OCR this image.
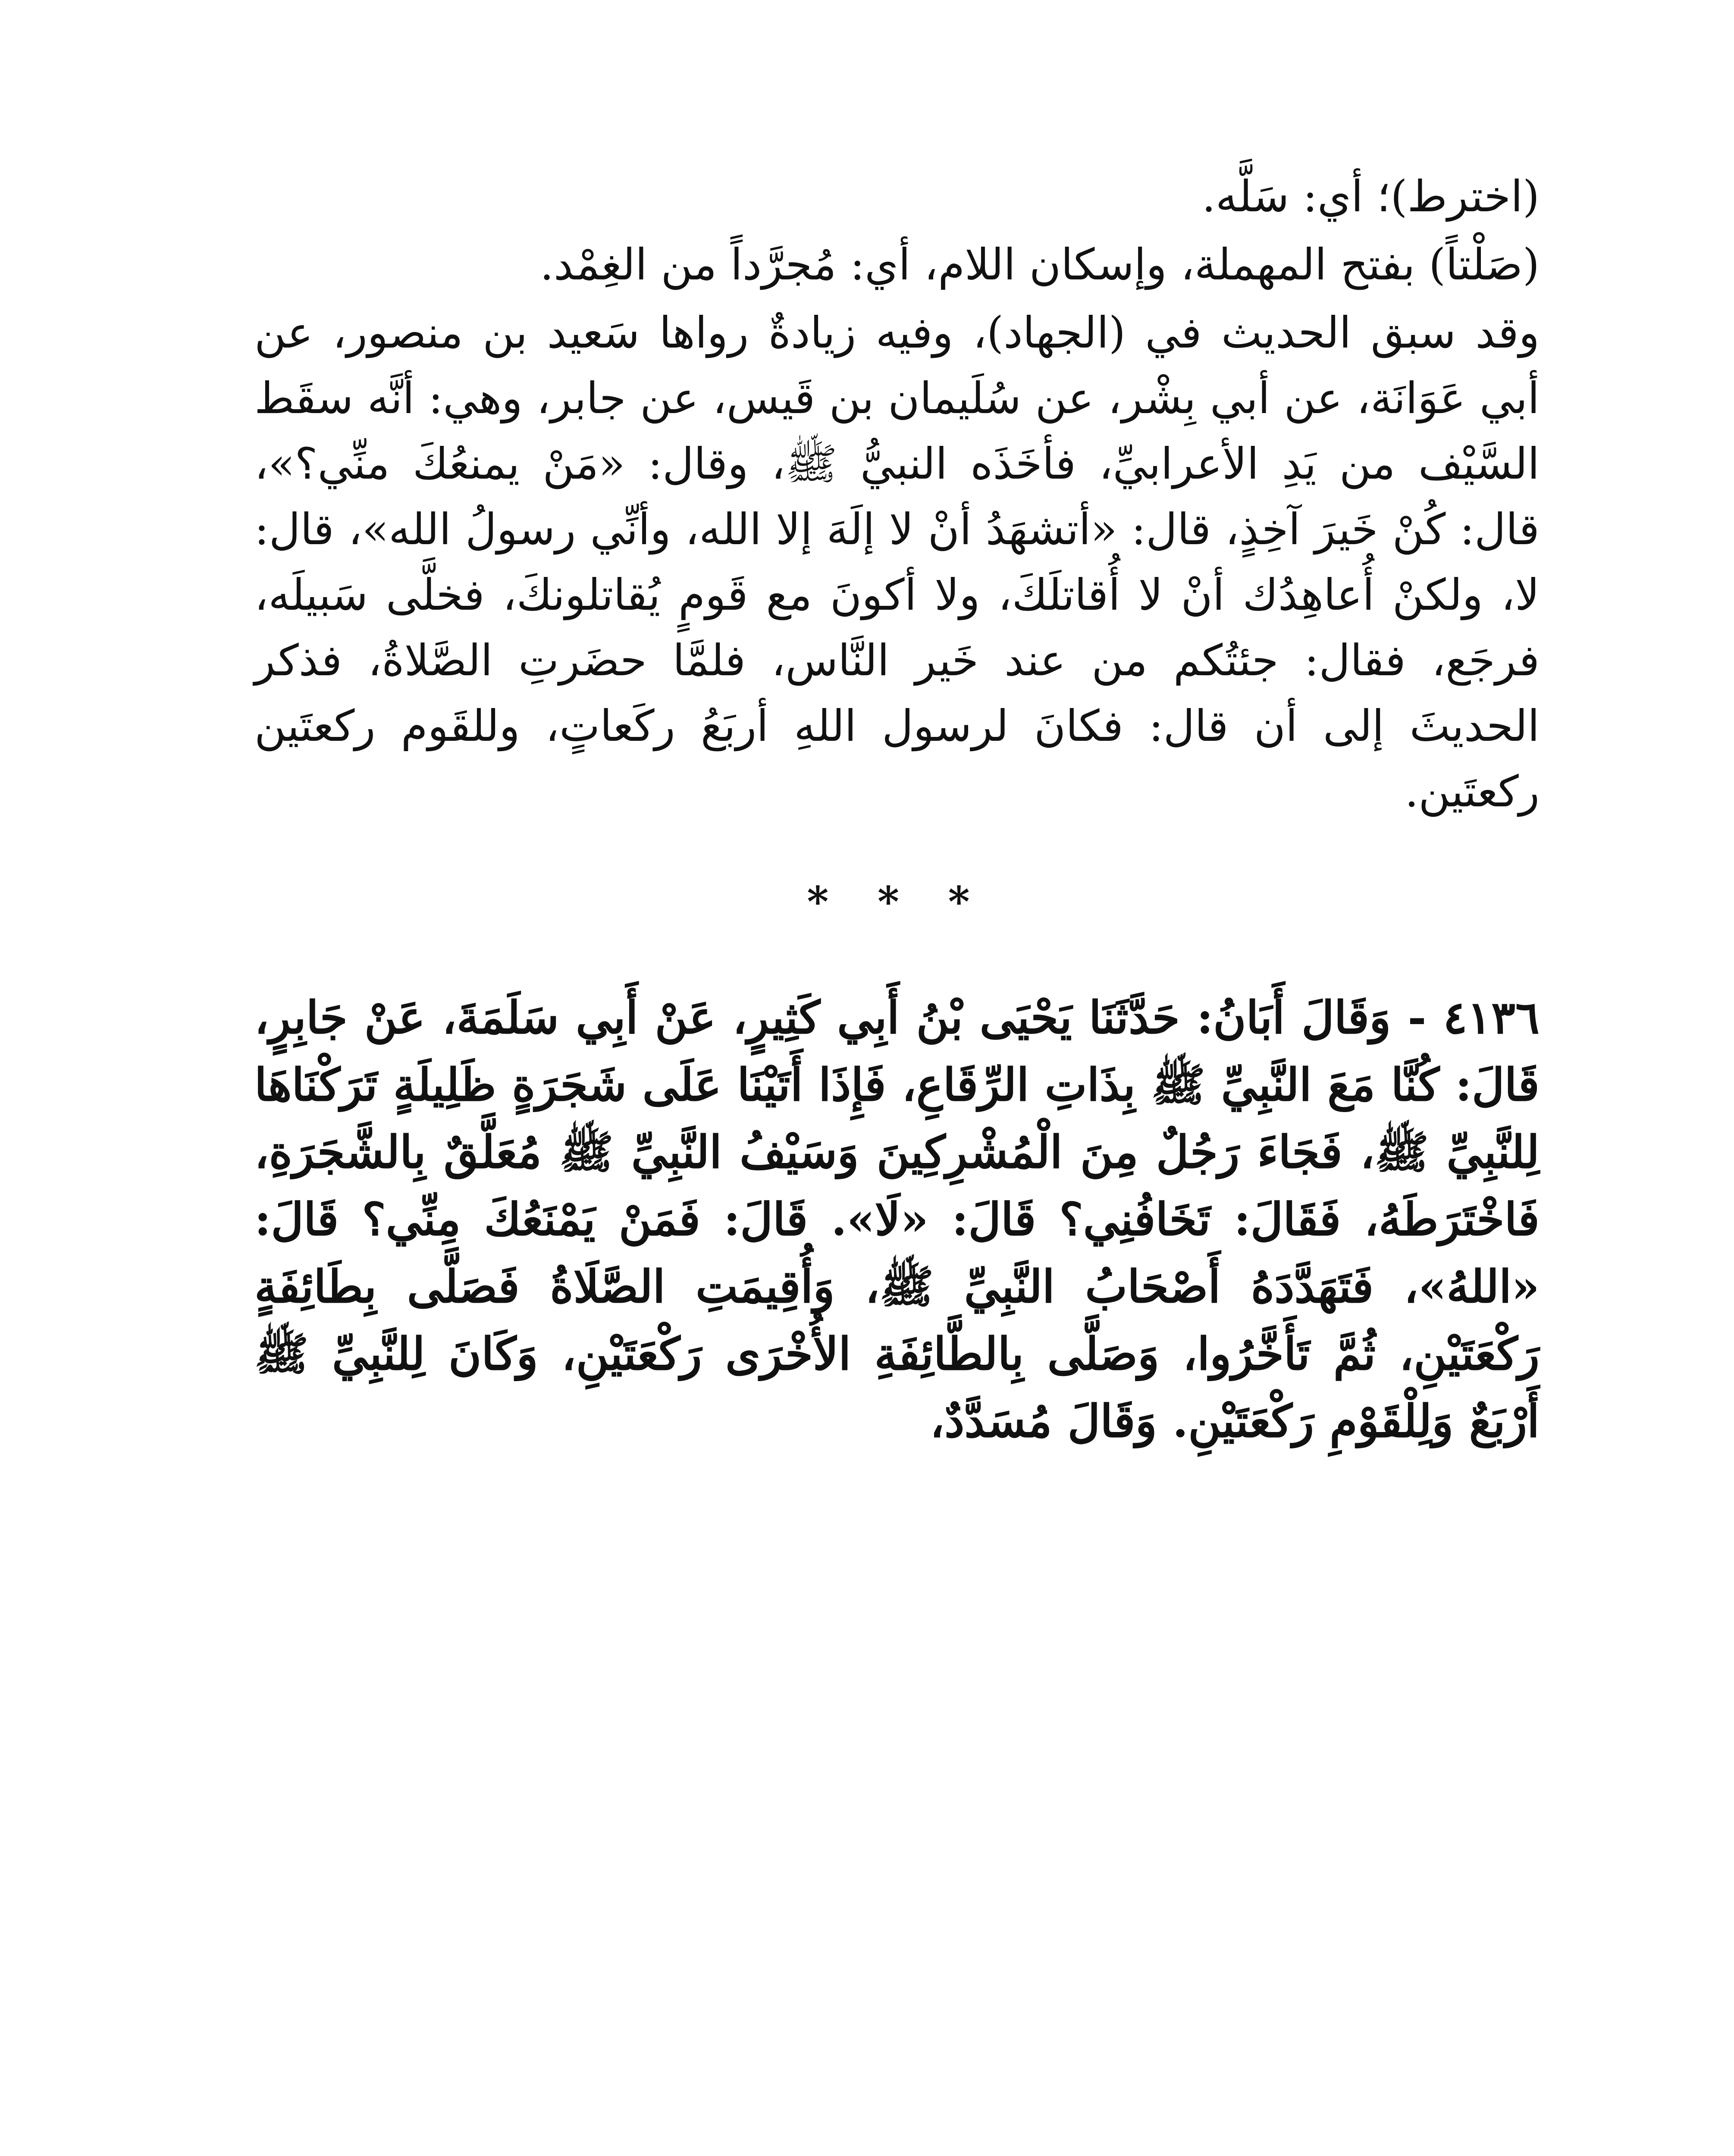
(اخترط)؛ أي: سَلَّه.

(صَلْتاً) بفتح المهملة، وإسكان اللام، أي: مُجرَّداً من الغِمْد.

وقد سبق الحديث في (الجهاد)، وفيه زيادةٌ رواها سَعيد بن منصور، عن أبي عَوَانَة، عن أبي بِشْر، عن سُلَيمان بن قَيس، عن جابر، وهي: أنَّه سقَط السَّيْف من يَدِ الأعرابيِّ، فأخَذَه النبيُّ ﷺ، وقال: «مَنْ يمنعُكَ منِّي؟»، قال: كُنْ خَيرَ آخِذٍ، قال: «أتشهَدُ أنْ لا إلَهَ إلا الله، وأنِّي رسولُ الله»، قال: لا، ولكنْ أُعاهِدُك أنْ لا أُقاتلَكَ، ولا أكونَ مع قَومٍ يُقاتلونكَ، فخلَّى سَبيلَه، فرجَع، فقال: جئتُكم من عند خَير النَّاس، فلمَّا حضَرتِ الصَّلاةُ، فذكر الحديثَ إلى أن قال: فكانَ لرسول اللهِ أربَعُ ركَعاتٍ، وللقَوم ركعتَين ركعتَين.

* * *

٤١٣٦ - وَقَالَ أَبَانُ: حَدَّثَنَا يَحْيَى بْنُ أَبِي كَثِيرٍ، عَنْ أَبِي سَلَمَةَ، عَنْ جَابِرٍ، قَالَ: كُنَّا مَعَ النَّبِيِّ ﷺ بِذَاتِ الرِّقَاعِ، فَإِذَا أَتَيْنَا عَلَى شَجَرَةٍ ظَلِيلَةٍ تَرَكْنَاهَا لِلنَّبِيِّ ﷺ، فَجَاءَ رَجُلٌ مِنَ الْمُشْرِكِينَ وَسَيْفُ النَّبِيِّ ﷺ مُعَلَّقٌ بِالشَّجَرَةِ، فَاخْتَرَطَهُ، فَقَالَ: تَخَافُنِي؟ قَالَ: «لَا». قَالَ: فَمَنْ يَمْنَعُكَ مِنِّي؟ قَالَ: «اللهُ»، فَتَهَدَّدَهُ أَصْحَابُ النَّبِيِّ ﷺ، وَأُقِيمَتِ الصَّلَاةُ فَصَلَّى بِطَائِفَةٍ رَكْعَتَيْنِ، ثُمَّ تَأَخَّرُوا، وَصَلَّى بِالطَّائِفَةِ الأُخْرَى رَكْعَتَيْنِ، وَكَانَ لِلنَّبِيِّ ﷺ أَرْبَعٌ وَلِلْقَوْمِ رَكْعَتَيْنِ. وَقَالَ مُسَدَّدٌ،
